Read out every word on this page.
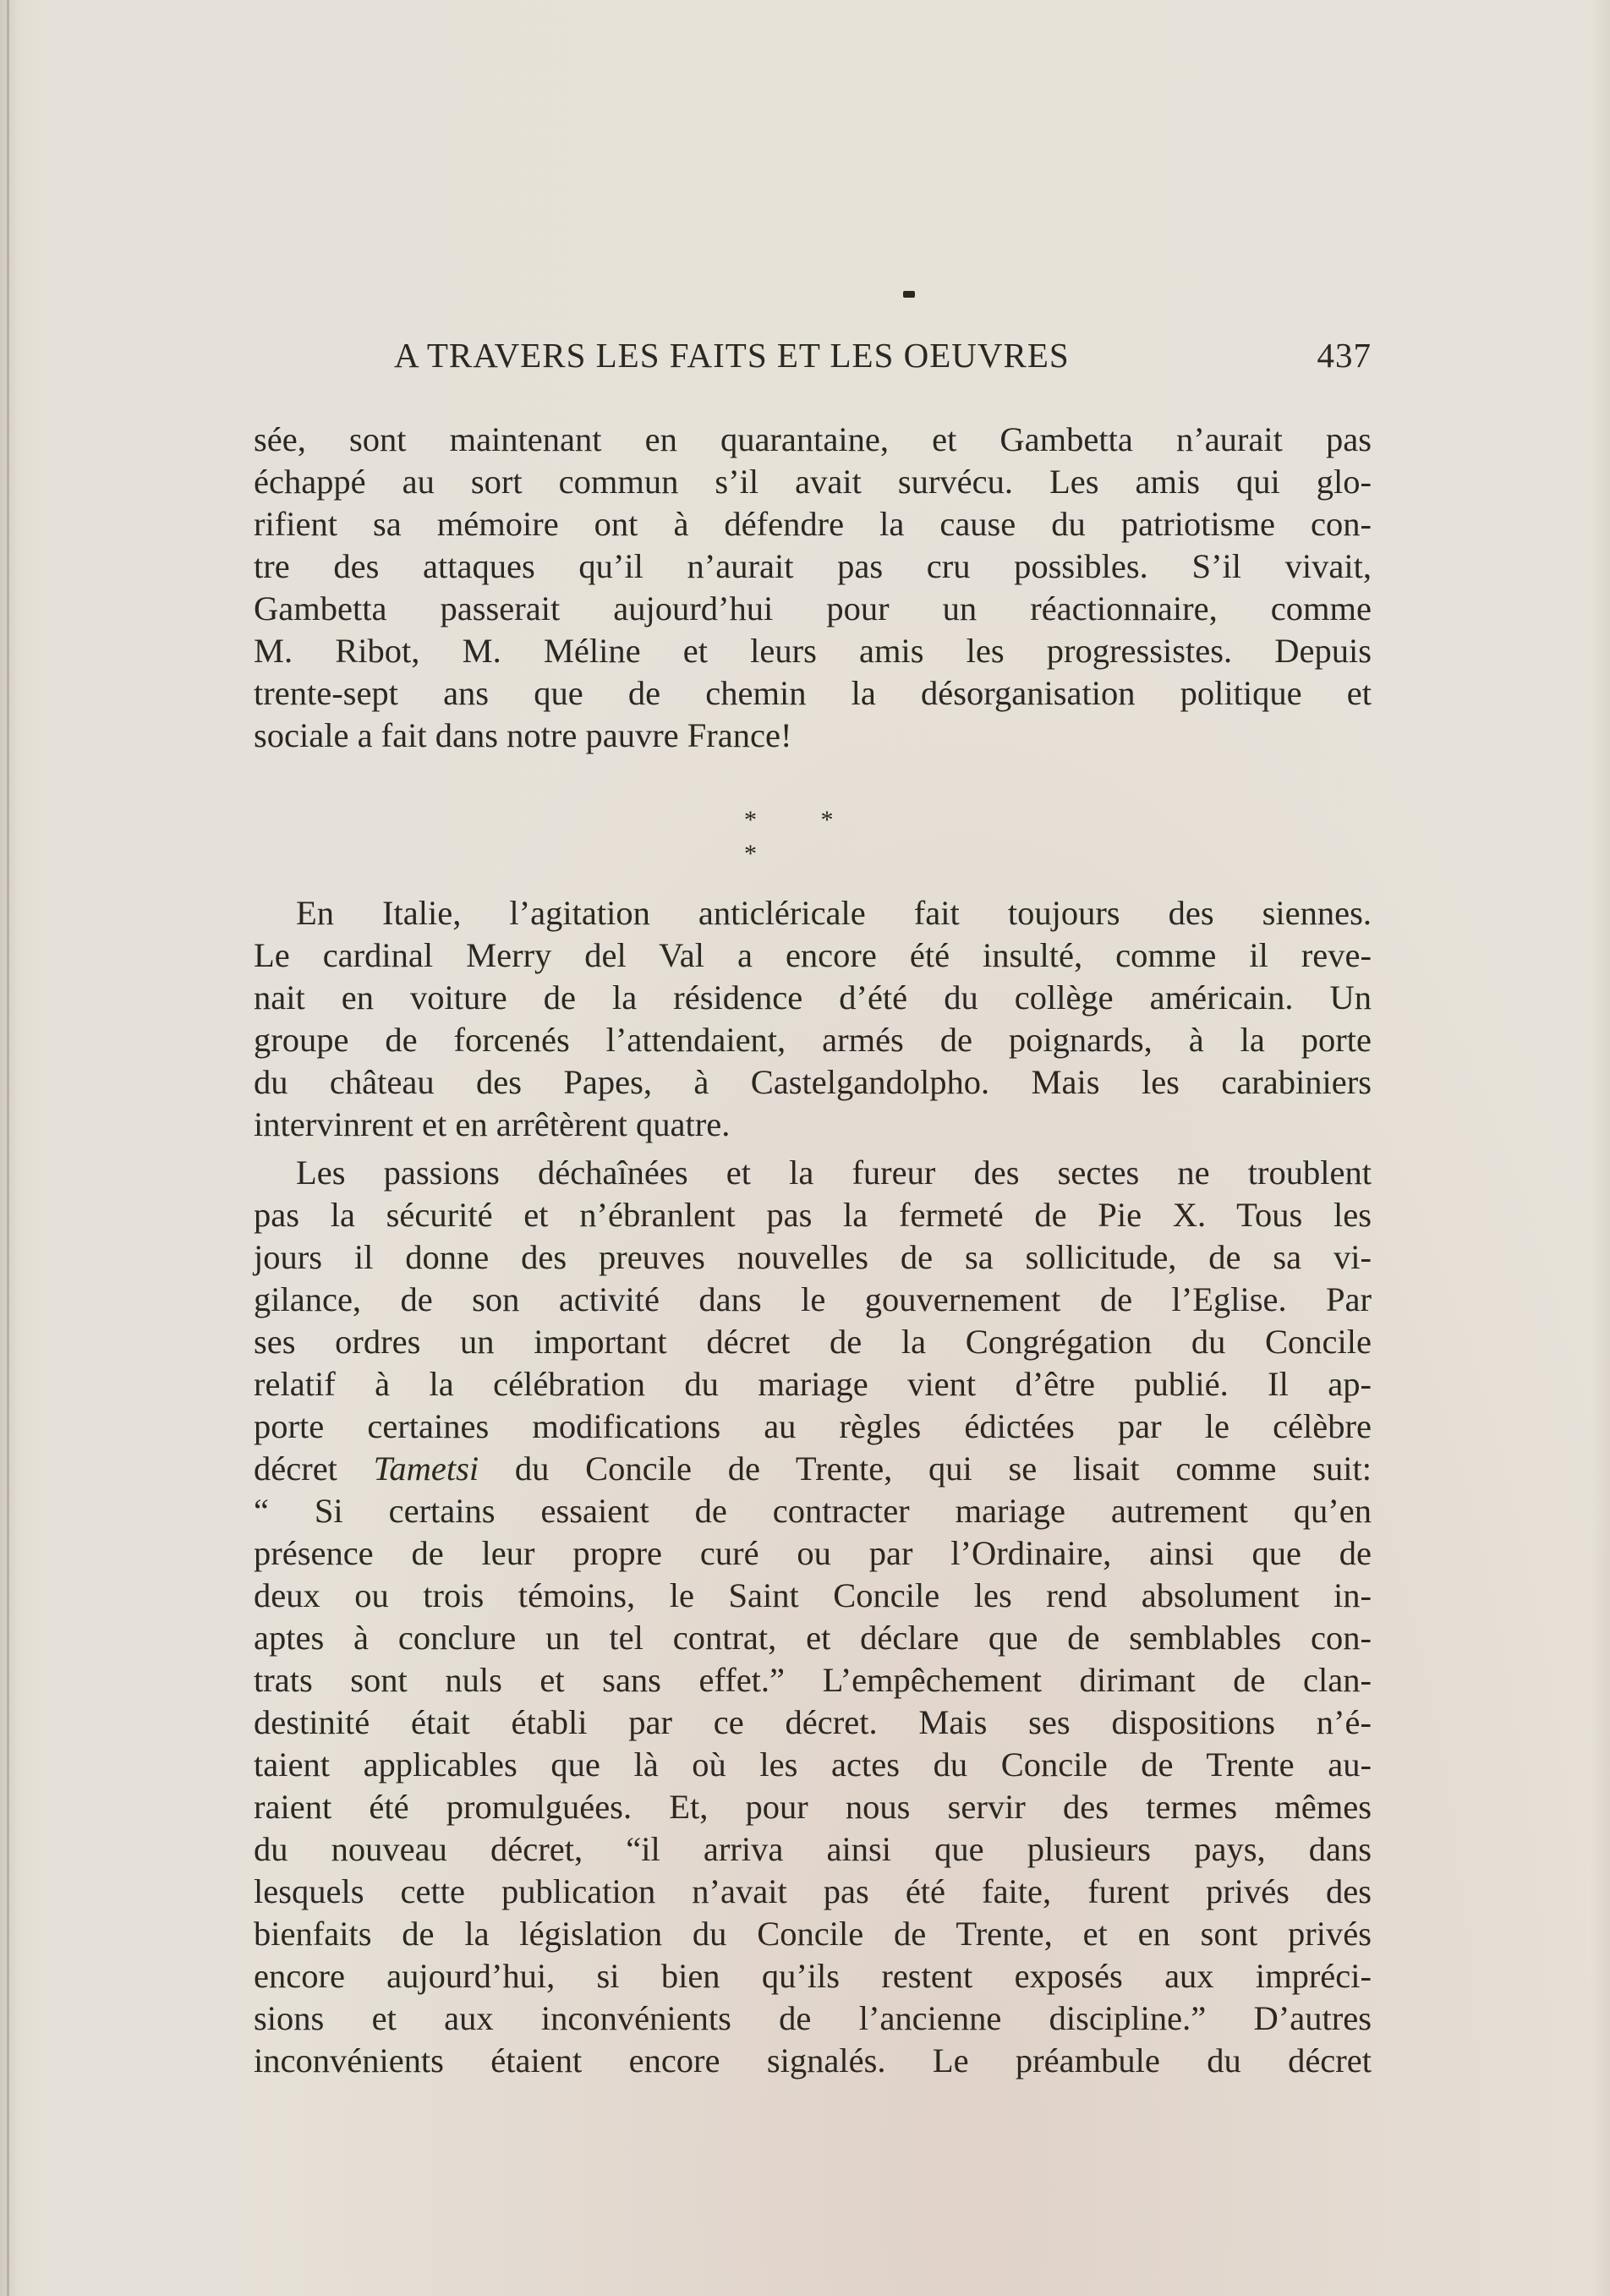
A TRAVERS LES FAITS ET LES OEUVRES	437
sée, sont maintenant en quarantaine, et Gambetta n’aurait pas
échappé au sort commun s’il avait survécu. Les amis qui glo-
rifient sa mémoire ont à défendre la cause du patriotisme con-
tre des attaques qu’il n’aurait pas cru possibles. S’il vivait,
Gambetta passerait aujourd’hui pour un réactionnaire, comme
M. Ribot, M. Méline et leurs amis les progressistes. Depuis
trente-sept ans que de chemin la désorganisation politique et
sociale a fait dans notre pauvre France!
* * *
En Italie, l’agitation anticléricale fait toujours des siennes.
Le cardinal Merry del Val a encore été insulté, comme il reve-
nait en voiture de la résidence d’été du collège américain. Un
groupe de forcenés l’attendaient, armés de poignards, à la porte
du château des Papes, à Castelgandolpho. Mais les carabiniers
intervinrent et en arrêtèrent quatre.
Les passions déchaînées et la fureur des sectes ne troublent
pas la sécurité et n’ébranlent pas la fermeté de Pie X. Tous les
jours il donne des preuves nouvelles de sa sollicitude, de sa vi-
gilance, de son activité dans le gouvernement de l’Eglise. Par
ses ordres un important décret de la Congrégation du Concile
relatif à la célébration du mariage vient d’être publié. Il ap-
porte certaines modifications au règles édictées par le célèbre
décret Tametsi du Concile de Trente, qui se lisait comme suit:
“ Si certains essaient de contracter mariage autrement qu’en
présence de leur propre curé ou par l’Ordinaire, ainsi que de
deux ou trois témoins, le Saint Concile les rend absolument in-
aptes à conclure un tel contrat, et déclare que de semblables con-
trats sont nuls et sans effet.” L’empêchement dirimant de clan-
destinité était établi par ce décret. Mais ses dispositions n’é-
taient applicables que là où les actes du Concile de Trente au-
raient été promulguées. Et, pour nous servir des termes mêmes
du nouveau décret, “il arriva ainsi que plusieurs pays, dans
lesquels cette publication n’avait pas été faite, furent privés des
bienfaits de la législation du Concile de Trente, et en sont privés
encore aujourd’hui, si bien qu’ils restent exposés aux impréci-
sions et aux inconvénients de l’ancienne discipline.” D’autres
inconvénients étaient encore signalés. Le préambule du décret
